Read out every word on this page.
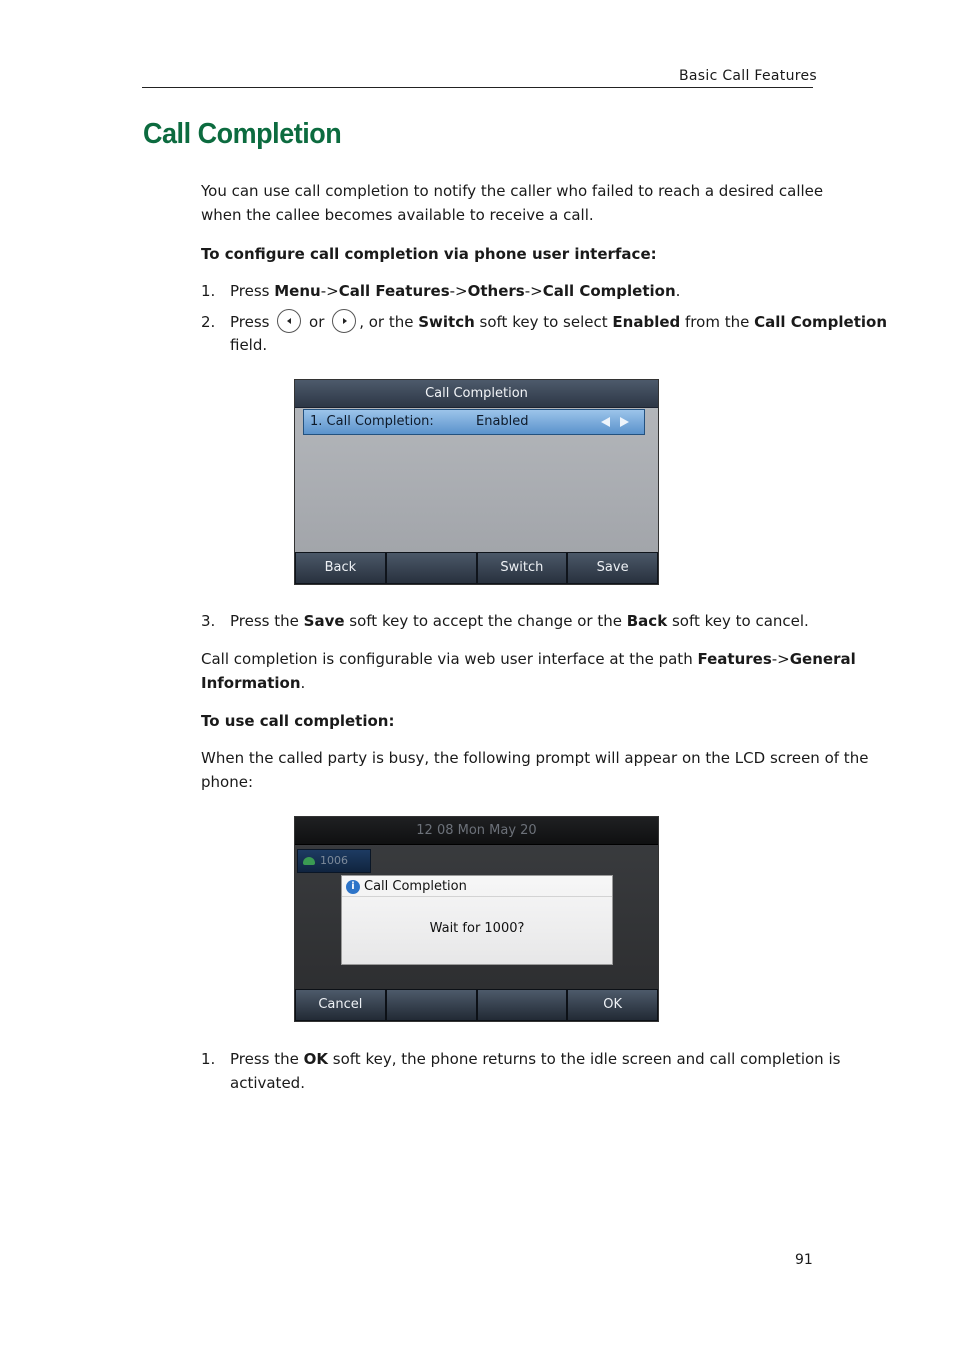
Basic Call Features
Call Completion
You can use call completion to notify the caller who failed to reach a desired callee
when the callee becomes available to receive a call.
To configure call completion via phone user interface:
1. Press Menu->Call Features->Others->Call Completion.
2. Press	or , or the Switch soft key to select Enabled from the Call Completion
field.
Call Completion
1. Call Completion:	Enabled
Back	Switch	Save
3. Press the Save soft key to accept the change or the Back soft key to cancel.
Call completion is configurable via web user interface at the path Features->General
Information.
To use call completion:
When the called party is busy, the following prompt will appear on the LCD screen of the
phone:
12 08 Mon May 20
1006
i Call Completion
Wait for 1000?
Cancel	OK
1. Press the OK soft key, the phone returns to the idle screen and call completion is
activated.
91
